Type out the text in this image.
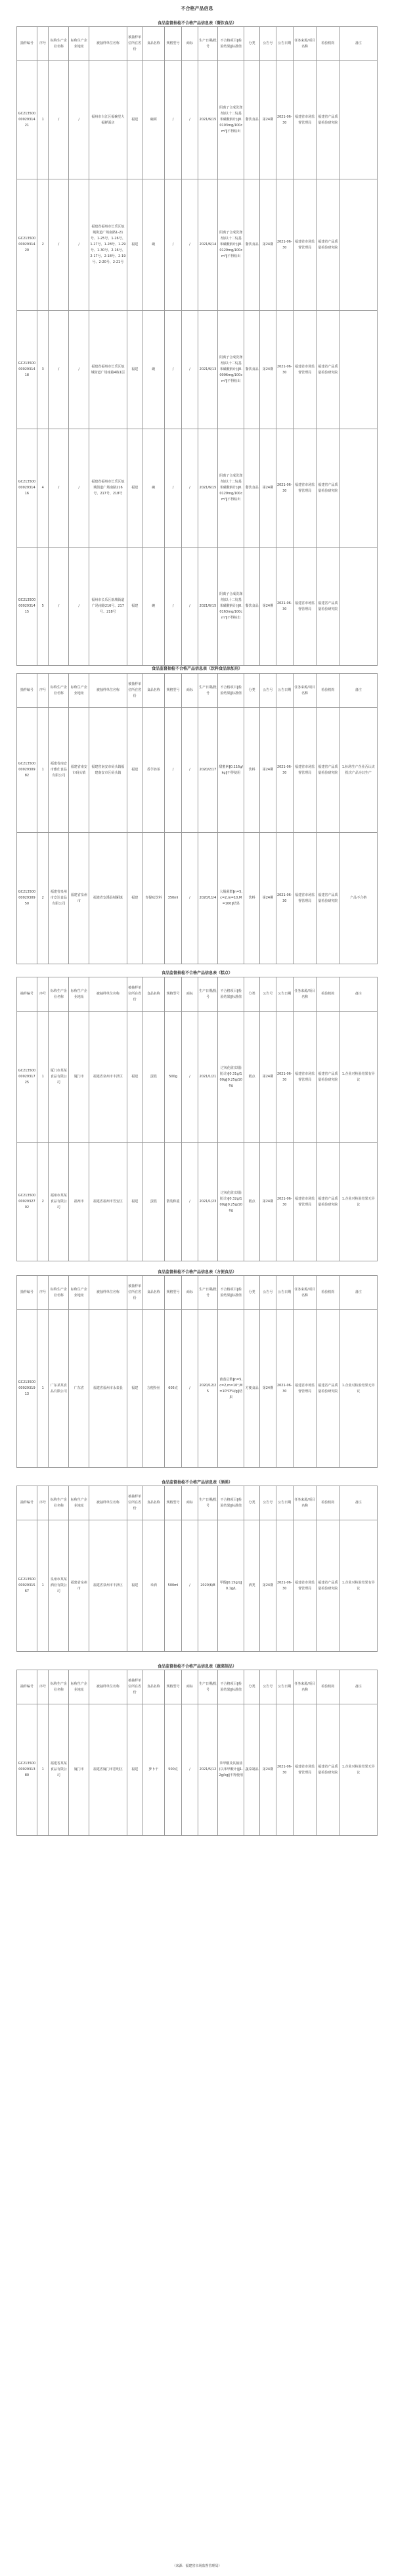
不合格产品信息
食品监督抽检不合格产品信息表（餐饮食品）
抽样编号	序号	标称生产企业名称	标称生产企业地址	被抽样单位名称	被抽样单位所在省份	食品名称	规格型号	商标	生产日期/批号	不合格项目‖检验结果‖标准值	分类	公告号	公告日期	任务来源/项目名称	检验机构	备注
GC21350000029314 21	1	/	/	福州市台江区福碗堂大福鲜面店	福建	碗面	/	/	2021/6/15	阴离子合成洗涤剂(以十二烷基苯磺酸钠计)‖0.0103mg/100cm²‖不得检出	餐饮食品	第24期	2021-06-30	福建省市场监督管理局	福建省产品质量检验研究院	
GC21350000029314 20	2	/	/	福建省福州市长乐区航城街道广场南路1-21号、1-25号、1-26号、1-27号、1-28号、1-29号、1-30号、2-16号、2-17号、2-18号、2-19号、2-20号、2-21号	福建	碗	/	/	2021/6/14	阴离子合成洗涤剂(以十二烷基苯磺酸钠计)‖0.0129mg/100cm²‖不得检出	餐饮食品	第24期	2021-06-30	福建省市场监督管理局	福建省产品质量检验研究院	
GC21350000029314 18	3	/	/	福建省福州市长乐区航城街道广场南路4栋1层	福建	碗	/	/	2021/6/13	阴离子合成洗涤剂(以十二烷基苯磺酸钠计)‖0.0096mg/100cm²‖不得检出	餐饮食品	第24期	2021-06-30	福建省市场监督管理局	福建省产品质量检验研究院	
GC21350000029314 16	4	/	/	福建省福州市长乐区航城街道广场南路216号、217号、218号	福建	碗	/	/	2021/6/15	阴离子合成洗涤剂(以十二烷基苯磺酸钠计)‖0.0129mg/100cm²‖不得检出	餐饮食品	第24期	2021-06-30	福建省市场监督管理局	福建省产品质量检验研究院	
GC21350000029314 15	5	/	/	福州市长乐区航城街道广场南路216号、217号、218号	福建	碗	/	/	2021/6/15	阴离子合成洗涤剂(以十二烷基苯磺酸钠计)‖0.0163mg/100cm²‖不得检出	餐饮食品	第24期	2021-06-30	福建省市场监督管理局	福建省产品质量检验研究院	
食品监督抽检不合格产品信息表（饮料食品添加剂）
抽样编号	序号	标称生产企业名称	标称生产企业地址	被抽样单位名称	被抽样单位所在省份	食品名称	规格型号	商标	生产日期/批号	不合格项目‖检验结果‖标准值	分类	公告号	公告日期	任务来源/项目名称	检验机构	备注
GC21350000029309 82	1	福建省南安市雅仕食品有限公司	福建省南安市码头镇	福建省南安市码头镇福建南安市区码头镇	福建	香芋奶茶	/	/	2020/2/17	甜蜜素‖0.116g/kg‖不得使用	饮料	第24期	2021-06-30	福建省市场监督管理局	福建省产品质量检验研究院	1.标称生产企业否认该批次产品为其生产
GC21350000029309 50	2	福建省泉州市安达食品有限公司	福建省泉州市	福建省安溪县城厢镇	福建	青提味饮料	350ml	/	2020/11/4	大肠菌群‖n=5,c=2,m=10,M=100‖结果	饮料	第24期	2021-06-30	福建省市场监督管理局	福建省产品质量检验研究院	产品不合格
食品监督抽检不合格产品信息表（糕点）
抽样编号	序号	标称生产企业名称	标称生产企业地址	被抽样单位名称	被抽样单位所在省份	食品名称	规格型号	商标	生产日期/批号	不合格项目‖检验结果‖标准值	分类	公告号	公告日期	任务来源/项目名称	检验机构	备注
GC21350000029317 25	1	厦门市某某食品有限公司	厦门市	福建省泉州市丰泽区	福建	蛋糕	500g	/	2021/1/21	过氧化值(以脂肪计)‖0.31g/100g‖0.25g/100g	糕点	第24期	2021-06-30	福建省市场监督管理局	福建省产品质量检验研究院	1.企业对检验结果有异议
GC21350000029327 02	2	福州市某某食品有限公司	福州市	福建省福州市晋安区	福建	蛋糕	散装称重	/	2021/1/23	过氧化值(以脂肪计)‖0.32g/100g‖0.25g/100g	糕点	第24期	2021-06-30	福建省市场监督管理局	福建省产品质量检验研究院	1.企业对检验结果无异议
食品监督抽检不合格产品信息表（方便食品）
抽样编号	序号	标称生产企业名称	标称生产企业地址	被抽样单位名称	被抽样单位所在省份	食品名称	规格型号	商标	生产日期/批号	不合格项目‖检验结果‖标准值	分类	公告号	公告日期	任务来源/项目名称	检验机构	备注
GC21350000029319 13	1	广东某某食品有限公司	广东省	福建省福州市永泰县	福建	方便粉丝	605克	/	2020/12/25	菌落总数‖n=5,c=2,m=10⁴,M=10⁵CFU/g‖结果	方便食品	第24期	2021-06-30	福建省市场监督管理局	福建省产品质量检验研究院	1.企业对检验结果无异议
食品监督抽检不合格产品信息表（酒类）
抽样编号	序号	标称生产企业名称	标称生产企业地址	被抽样单位名称	被抽样单位所在省份	食品名称	规格型号	商标	生产日期/批号	不合格项目‖检验结果‖标准值	分类	公告号	公告日期	任务来源/项目名称	检验机构	备注
GC21350000029315 67	1	泉州市某某酒业有限公司	福建省泉州市	福建省泉州市丰泽区	福建	米酒	500ml	/	2020/6/8	甲醇‖0.15g/L‖0.1g/L	酒类	第24期	2021-06-30	福建省市场监督管理局	福建省产品质量检验研究院	1.企业对检验结果有异议
食品监督抽检不合格产品信息表（蔬菜制品）
抽样编号	序号	标称生产企业名称	标称生产企业地址	被抽样单位名称	被抽样单位所在省份	食品名称	规格型号	商标	生产日期/批号	不合格项目‖检验结果‖标准值	分类	公告号	公告日期	任务来源/项目名称	检验机构	备注
GC21350000029313 80	1	福建省某某食品有限公司	厦门市	福建省厦门市思明区	福建	萝卜干	500克	/	2021/5/12	苯甲酸及其钠盐(以苯甲酸计)‖1.2g/kg‖不得使用	蔬菜制品	第24期	2021-06-30	福建省市场监督管理局	福建省产品质量检验研究院	1.企业对检验结果无异议
（来源：福建省市场监督管理局）
